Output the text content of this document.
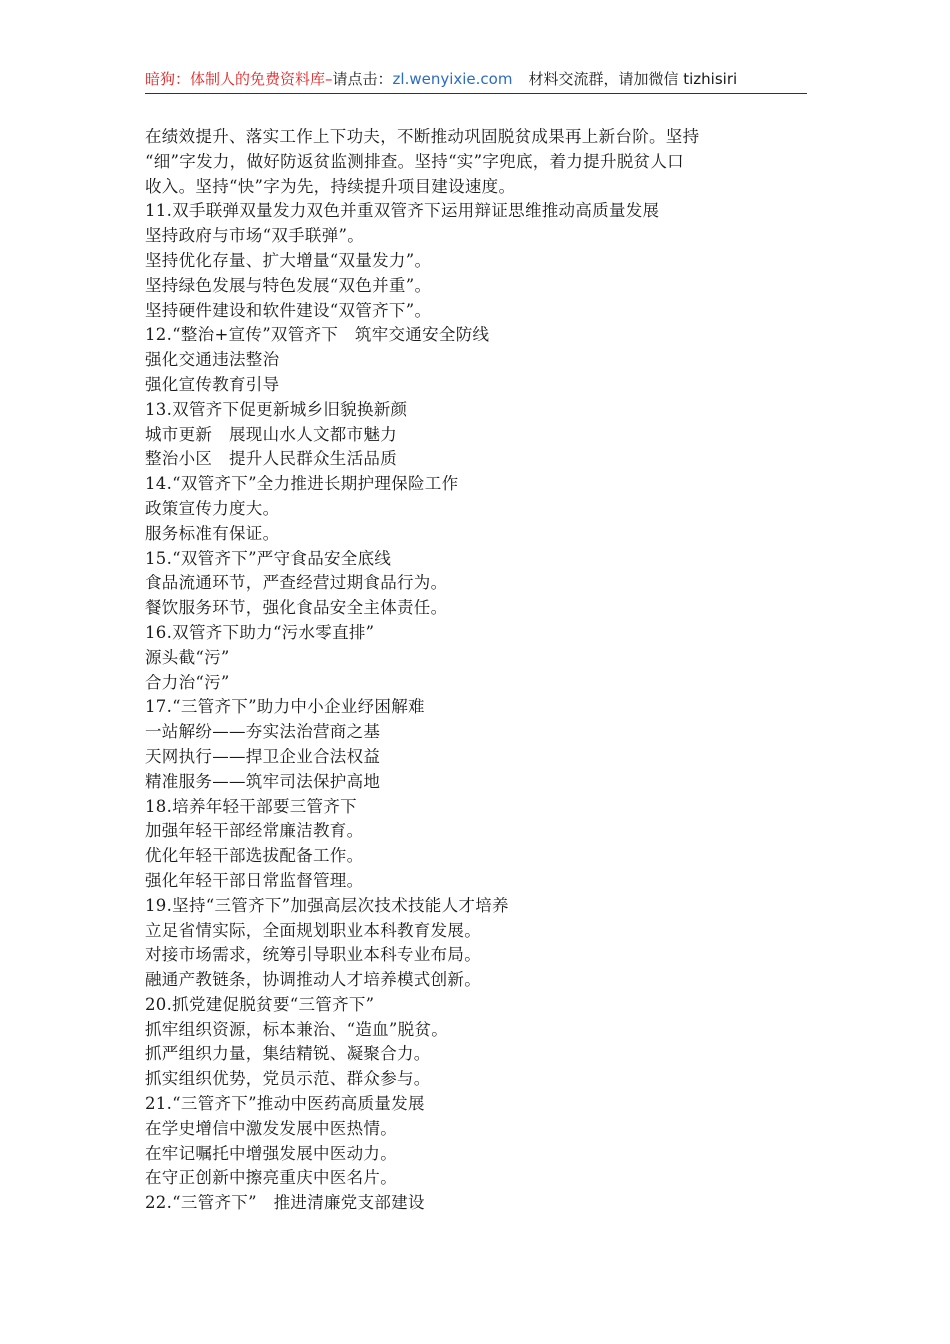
暗狗：体制人的免费资料库–请点击：zl.wenyixie.com 材料交流群，请加微信 tizhisiri
在绩效提升、落实工作上下功夫，不断推动巩固脱贫成果再上新台阶。坚持
“细”字发力，做好防返贫监测排查。坚持“实”字兜底，着力提升脱贫人口
收入。坚持“快”字为先，持续提升项目建设速度。
11.双手联弹双量发力双色并重双管齐下运用辩证思维推动高质量发展
坚持政府与市场“双手联弹”。
坚持优化存量、扩大增量“双量发力”。
坚持绿色发展与特色发展“双色并重”。
坚持硬件建设和软件建设“双管齐下”。
12.“整治+宣传”双管齐下　筑牢交通安全防线
强化交通违法整治
强化宣传教育引导
13.双管齐下促更新城乡旧貌换新颜
城市更新　展现山水人文都市魅力
整治小区　提升人民群众生活品质
14.“双管齐下”全力推进长期护理保险工作
政策宣传力度大。
服务标准有保证。
15.“双管齐下”严守食品安全底线
食品流通环节，严查经营过期食品行为。
餐饮服务环节，强化食品安全主体责任。
16.双管齐下助力“污水零直排”
源头截“污”
合力治“污”
17.“三管齐下”助力中小企业纾困解难
一站解纷——夯实法治营商之基
天网执行——捍卫企业合法权益
精准服务——筑牢司法保护高地
18.培养年轻干部要三管齐下
加强年轻干部经常廉洁教育。
优化年轻干部选拔配备工作。
强化年轻干部日常监督管理。
19.坚持“三管齐下”加强高层次技术技能人才培养
立足省情实际，全面规划职业本科教育发展。
对接市场需求，统筹引导职业本科专业布局。
融通产教链条，协调推动人才培养模式创新。
20.抓党建促脱贫要“三管齐下”
抓牢组织资源，标本兼治、“造血”脱贫。
抓严组织力量，集结精锐、凝聚合力。
抓实组织优势，党员示范、群众参与。
21.“三管齐下”推动中医药高质量发展
在学史增信中激发发展中医热情。
在牢记嘱托中增强发展中医动力。
在守正创新中擦亮重庆中医名片。
22.“三管齐下”　推进清廉党支部建设
